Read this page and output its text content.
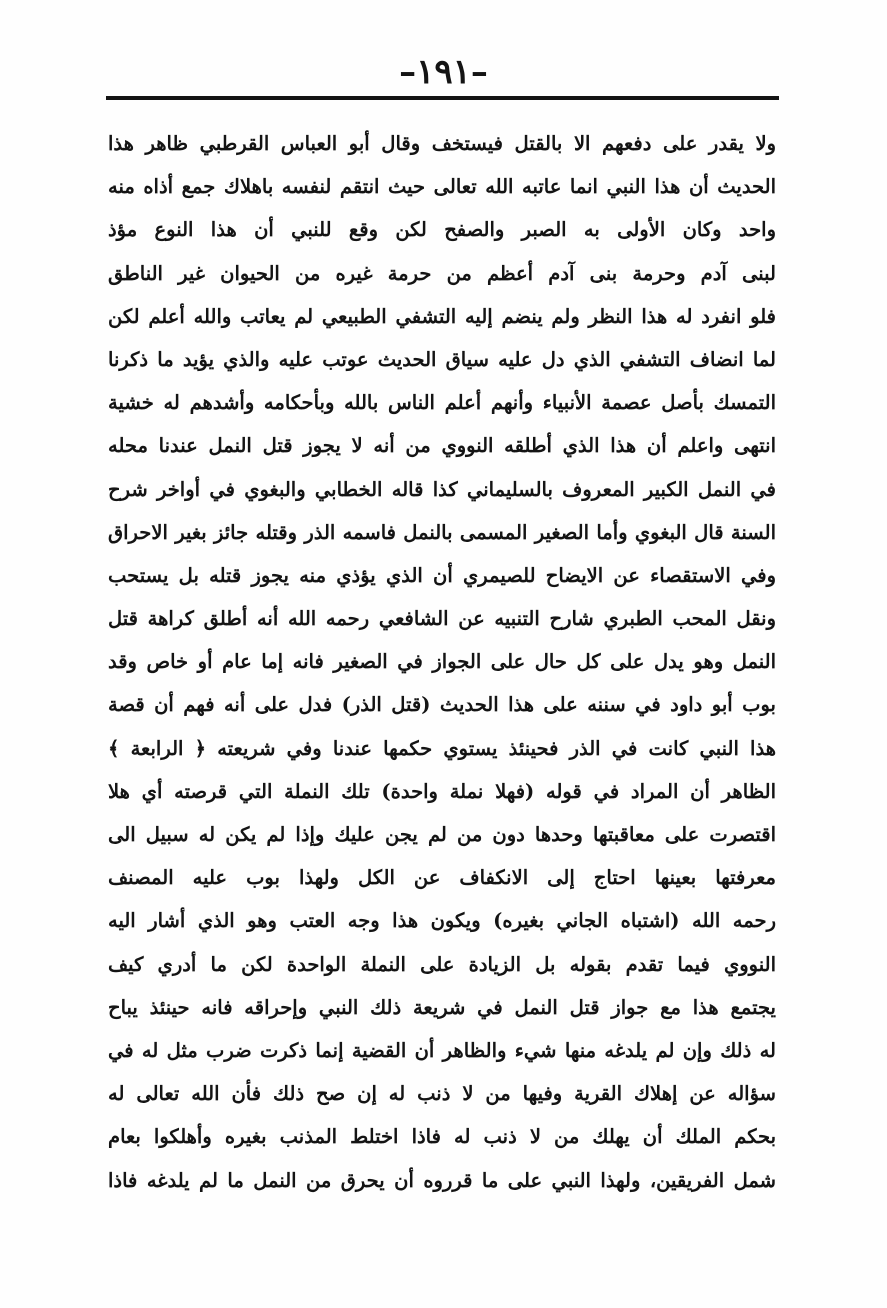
–۱۹۱–
ولا يقدر على دفعهم الا بالقتل فيستخف وقال أبو العباس القرطبي ظاهر هذا
الحديث أن هذا النبي انما عاتبه الله تعالى حيث انتقم لنفسه باهلاك جمع أذاه منه
واحد وكان الأولى به الصبر والصفح لكن وقع للنبي أن هذا النوع مؤذ
لبنى آدم وحرمة بنى آدم أعظم من حرمة غيره من الحيوان غير الناطق
فلو انفرد له هذا النظر ولم ينضم إليه التشفي الطبيعي لم يعاتب والله أعلم لكن
لما انضاف التشفي الذي دل عليه سياق الحديث عوتب عليه والذي يؤيد ما ذكرنا
التمسك بأصل عصمة الأنبياء وأنهم أعلم الناس بالله وبأحكامه وأشدهم له خشية
انتهى واعلم أن هذا الذي أطلقه النووي من أنه لا يجوز قتل النمل عندنا محله
في النمل الكبير المعروف بالسليماني كذا قاله الخطابي والبغوي في أواخر شرح
السنة قال البغوي وأما الصغير المسمى بالنمل فاسمه الذر وقتله جائز بغير الاحراق
وفي الاستقصاء عن الايضاح للصيمري أن الذي يؤذي منه يجوز قتله بل يستحب
ونقل المحب الطبري شارح التنبيه عن الشافعي رحمه الله أنه أطلق كراهة قتل
النمل وهو يدل على كل حال على الجواز في الصغير فانه إما عام أو خاص وقد
بوب أبو داود في سننه على هذا الحديث (قتل الذر) فدل على أنه فهم أن قصة
هذا النبي كانت في الذر فحينئذ يستوي حكمها عندنا وفي شريعته ﴿ الرابعة ﴾
الظاهر أن المراد في قوله (فهلا نملة واحدة) تلك النملة التي قرصته أي هلا
اقتصرت على معاقبتها وحدها دون من لم يجن عليك وإذا لم يكن له سبيل الى
معرفتها بعينها احتاج إلى الانكفاف عن الكل ولهذا بوب عليه المصنف
رحمه الله (اشتباه الجاني بغيره) ويكون هذا وجه العتب وهو الذي أشار اليه
النووي فيما تقدم بقوله بل الزيادة على النملة الواحدة لكن ما أدري كيف
يجتمع هذا مع جواز قتل النمل في شريعة ذلك النبي وإحراقه فانه حينئذ يباح
له ذلك وإن لم يلدغه منها شيء والظاهر أن القضية إنما ذكرت ضرب مثل له في
سؤاله عن إهلاك القرية وفيها من لا ذنب له إن صح ذلك فأن الله تعالى له
بحكم الملك أن يهلك من لا ذنب له فاذا اختلط المذنب بغيره وأهلكوا بعام
شمل الفريقين، ولهذا النبي على ما قرروه أن يحرق من النمل ما لم يلدغه فاذا
